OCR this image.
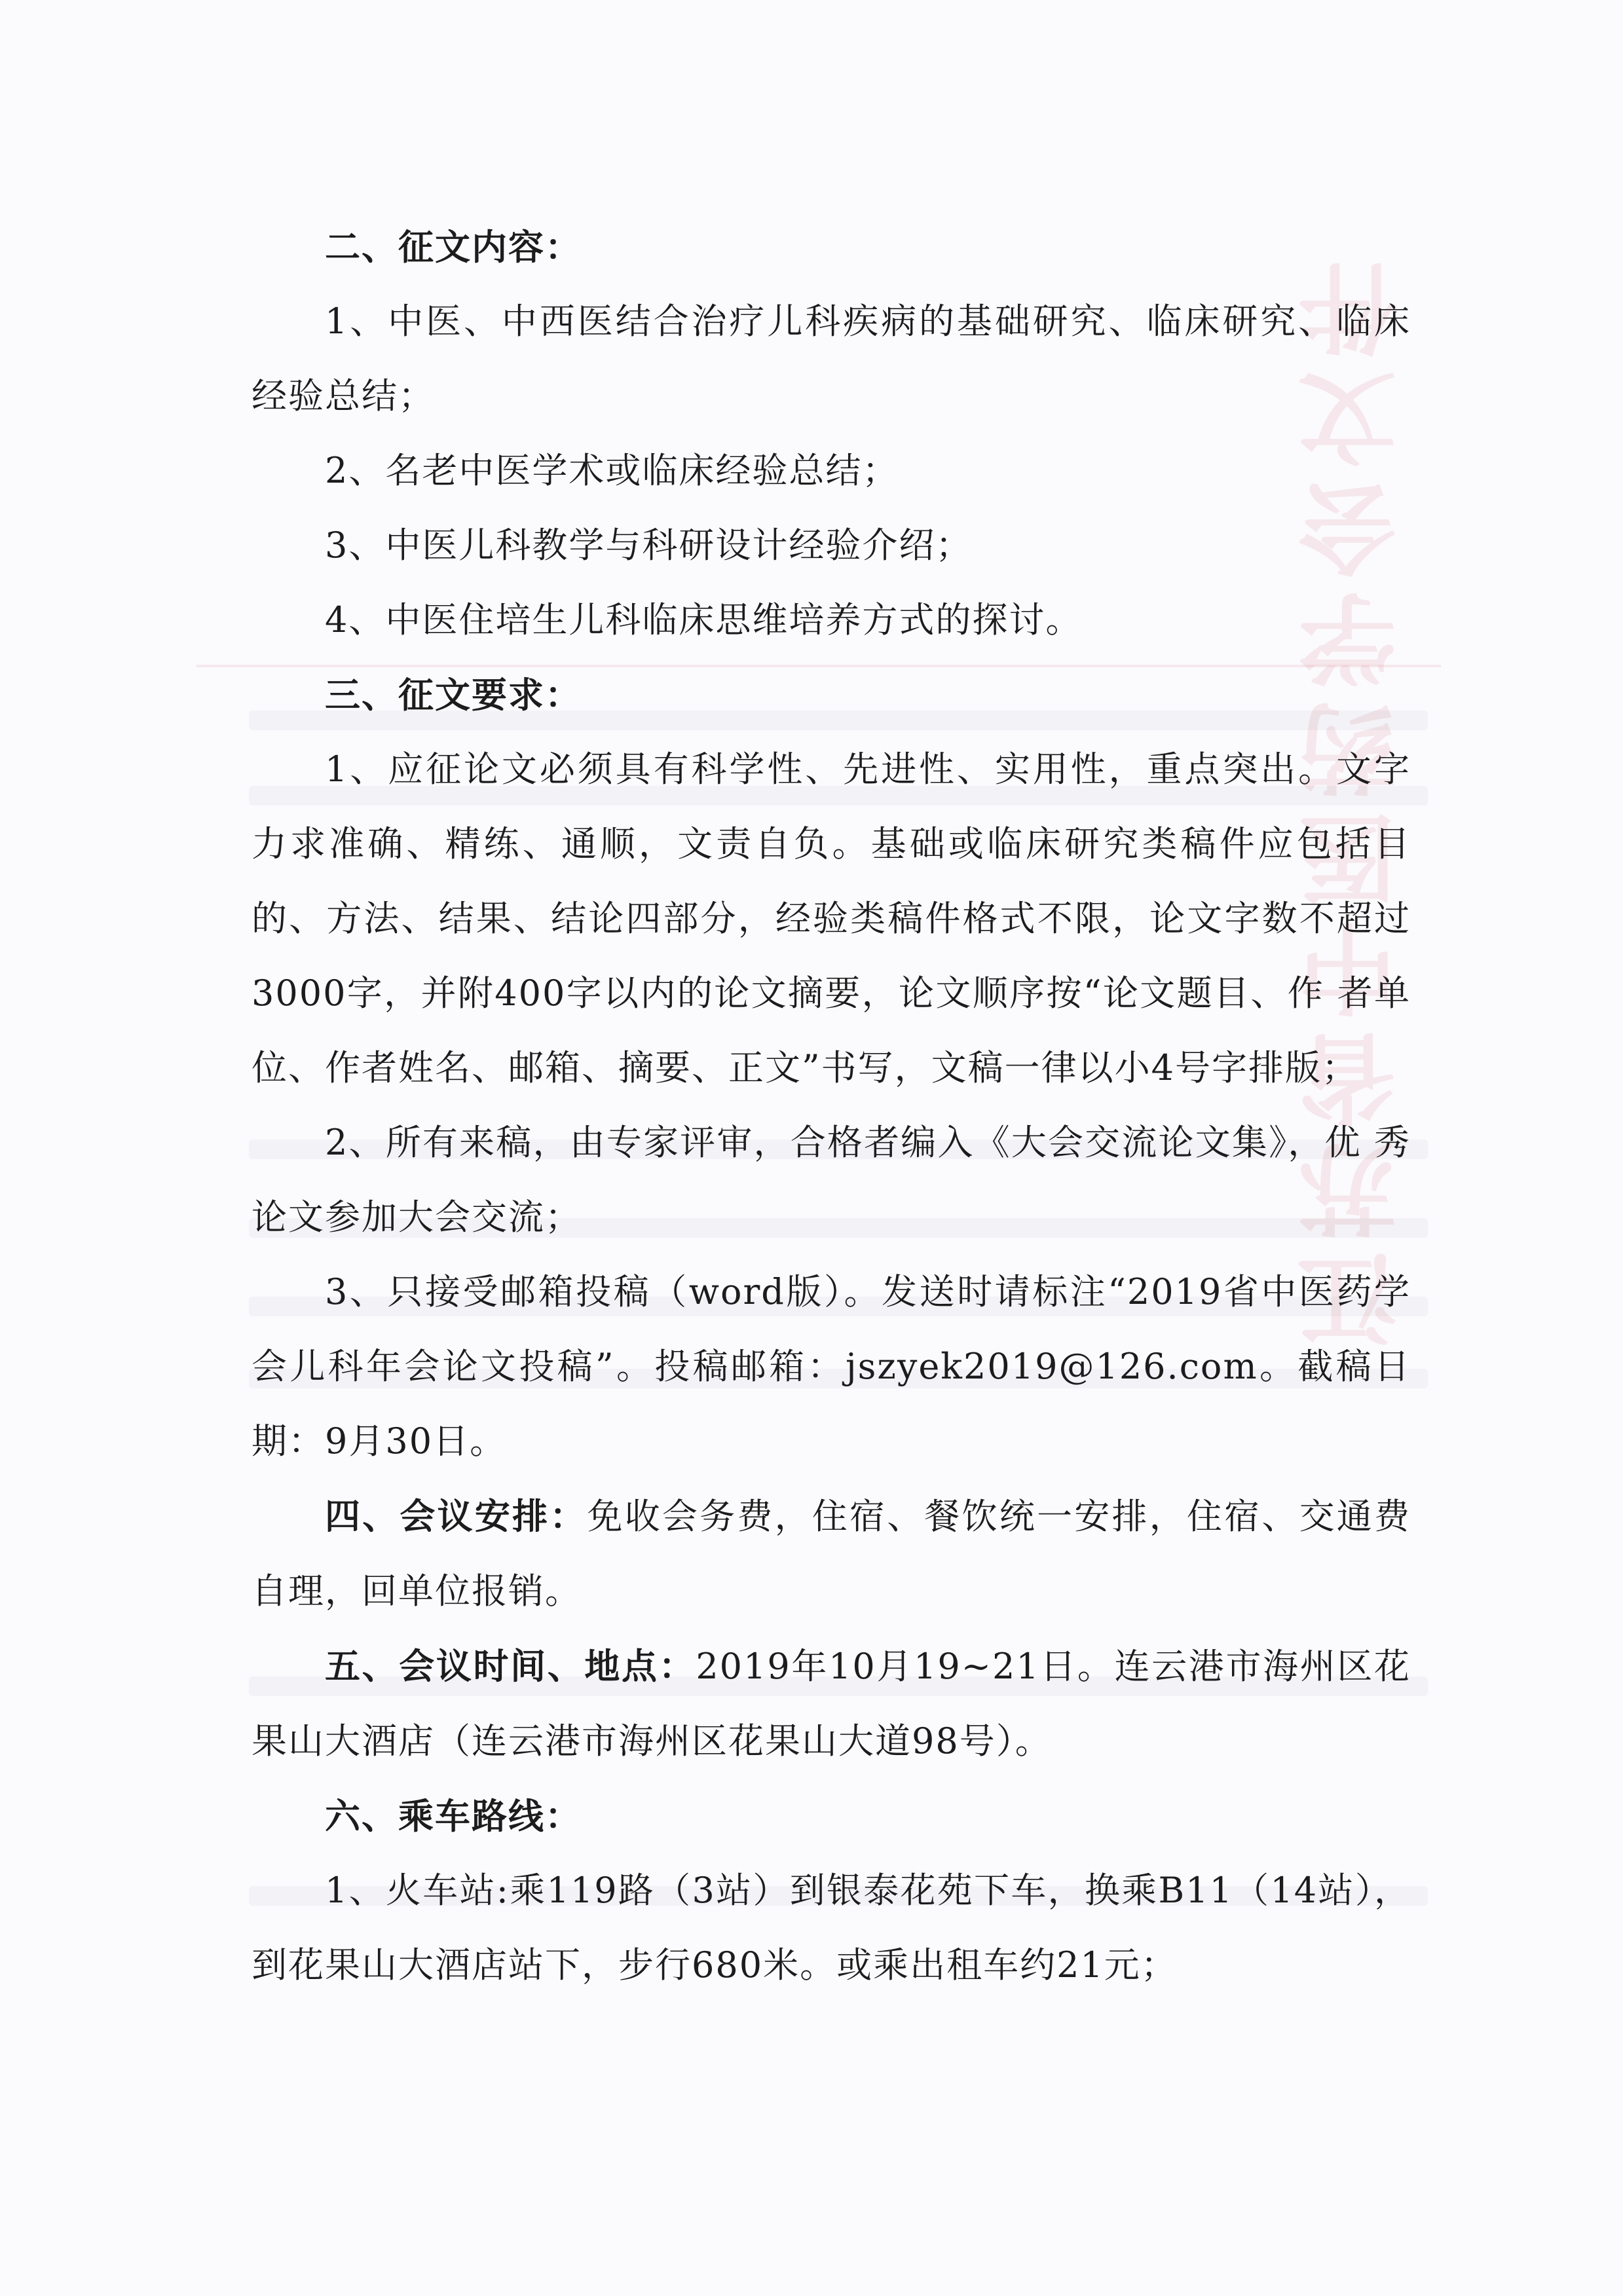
江苏省中医药学会文件

二、征文内容：

1、中医、中西医结合治疗儿科疾病的基础研究、临床研究、临床经验总结；

2、名老中医学术或临床经验总结；

3、中医儿科教学与科研设计经验介绍；

4、中医住培生儿科临床思维培养方式的探讨。

三、征文要求：

1、应征论文必须具有科学性、先进性、实用性，重点突出。文字力求准确、精练、通顺，文责自负。基础或临床研究类稿件应包括目的、方法、结果、结论四部分，经验类稿件格式不限，论文字数不超过3000字，并附400字以内的论文摘要，论文顺序按“论文题目、作 者单位、作者姓名、邮箱、摘要、正文”书写，文稿一律以小4号字排版；

2、所有来稿，由专家评审，合格者编入《大会交流论文集》，优 秀论文参加大会交流；

3、只接受邮箱投稿（word版）。发送时请标注“2019省中医药学会儿科年会论文投稿”。投稿邮箱：jszyek2019@126.com。截稿日期：9月30日。

四、会议安排：免收会务费，住宿、餐饮统一安排，住宿、交通费自理，回单位报销。

五、会议时间、地点：2019年10月19~21日。连云港市海州区花果山大酒店（连云港市海州区花果山大道98号）。

六、乘车路线：

1、火车站:乘119路（3站）到银泰花苑下车，换乘B11（14站），到花果山大酒店站下，步行680米。或乘出租车约21元；
